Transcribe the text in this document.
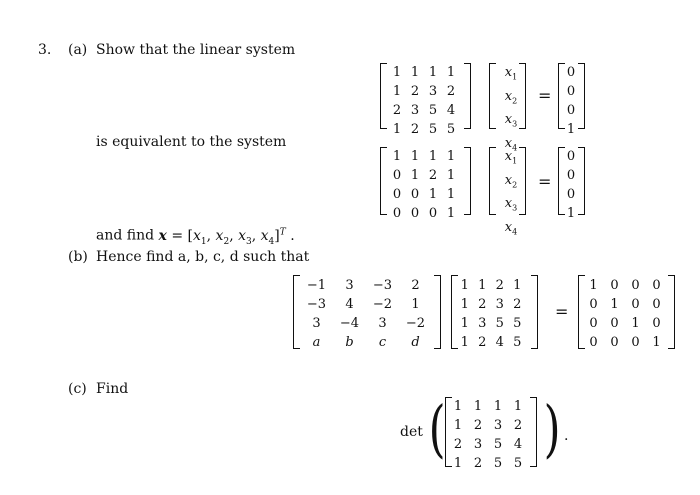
3. (a) Show that the linear system
1 1 1 1
1 2 3 2
2 3 5 4
1 2 5 5
$x_1$
$x_2$
$x_3$
$x_4$
=
0
0
0
1
is equivalent to the system
1 1 1 1
0 1 2 1
0 0 1 1
0 0 0 1
$x_1$
$x_2$
$x_3$
$x_4$
=
0
0
0
1
and find $x = [x_1$, $x_2$, $x_3$, $x_4]^T$ .
(b) Hence find a, b, c, d such that
−1	3	−3	2
−3	4	−2	1
3	−4	3	−2
a	b	c	d
1 1 2 1
1 2 3 2
1 3 5 5
1 2 4 5
=
1 0 0 0
0 1 0 0
0 0 1 0
0 0 0 1
(c) Find
det ( 1 1 1 1
1 2 3 2
2 3 5 4
1 2 5 5 ) .
